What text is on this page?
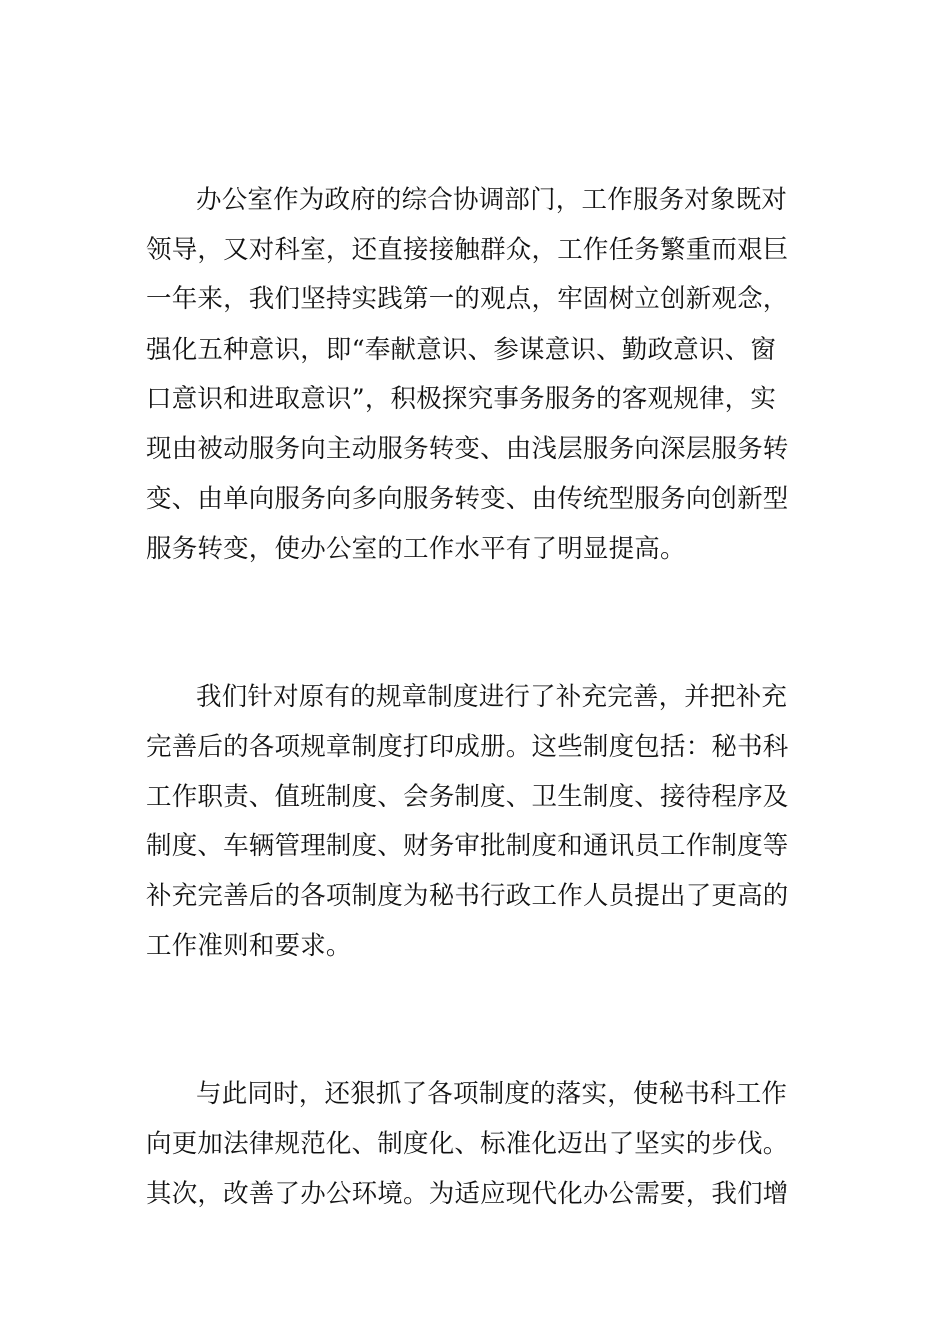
办公室作为政府的综合协调部门，工作服务对象既对
领导，又对科室，还直接接触群众，工作任务繁重而艰巨
一年来，我们坚持实践第一的观点，牢固树立创新观念，
强化五种意识，即“奉献意识、参谋意识、勤政意识、窗
口意识和进取意识”，积极探究事务服务的客观规律，实
现由被动服务向主动服务转变、由浅层服务向深层服务转
变、由单向服务向多向服务转变、由传统型服务向创新型
服务转变，使办公室的工作水平有了明显提高。
我们针对原有的规章制度进行了补充完善，并把补充
完善后的各项规章制度打印成册。这些制度包括：秘书科
工作职责、值班制度、会务制度、卫生制度、接待程序及
制度、车辆管理制度、财务审批制度和通讯员工作制度等
补充完善后的各项制度为秘书行政工作人员提出了更高的
工作准则和要求。
与此同时，还狠抓了各项制度的落实，使秘书科工作
向更加法律规范化、制度化、标准化迈出了坚实的步伐。
其次，改善了办公环境。为适应现代化办公需要，我们增
